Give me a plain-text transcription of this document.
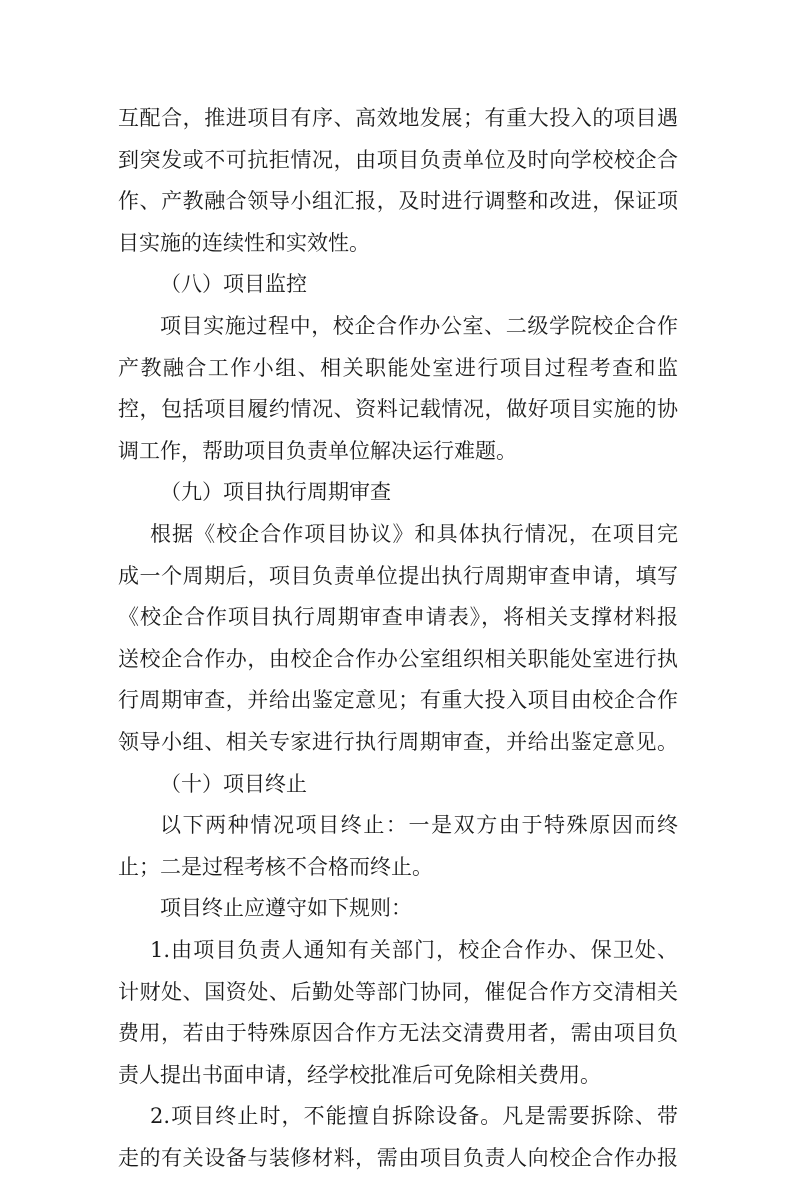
互配合，推进项目有序、高效地发展；有重大投入的项目遇
到突发或不可抗拒情况，由项目负责单位及时向学校校企合
作、产教融合领导小组汇报，及时进行调整和改进，保证项
目实施的连续性和实效性。
（八）项目监控
项目实施过程中，校企合作办公室、二级学院校企合作
产教融合工作小组、相关职能处室进行项目过程考查和监
控，包括项目履约情况、资料记载情况，做好项目实施的协
调工作，帮助项目负责单位解决运行难题。
（九）项目执行周期审查
根据《校企合作项目协议》和具体执行情况，在项目完
成一个周期后，项目负责单位提出执行周期审查申请，填写
《校企合作项目执行周期审查申请表》，将相关支撑材料报
送校企合作办，由校企合作办公室组织相关职能处室进行执
行周期审查，并给出鉴定意见；有重大投入项目由校企合作
领导小组、相关专家进行执行周期审查，并给出鉴定意见。
（十）项目终止
以下两种情况项目终止：一是双方由于特殊原因而终
止；二是过程考核不合格而终止。
项目终止应遵守如下规则：
1.由项目负责人通知有关部门，校企合作办、保卫处、
计财处、国资处、后勤处等部门协同，催促合作方交清相关
费用，若由于特殊原因合作方无法交清费用者，需由项目负
责人提出书面申请，经学校批准后可免除相关费用。
2.项目终止时，不能擅自拆除设备。凡是需要拆除、带
走的有关设备与装修材料，需由项目负责人向校企合作办报
